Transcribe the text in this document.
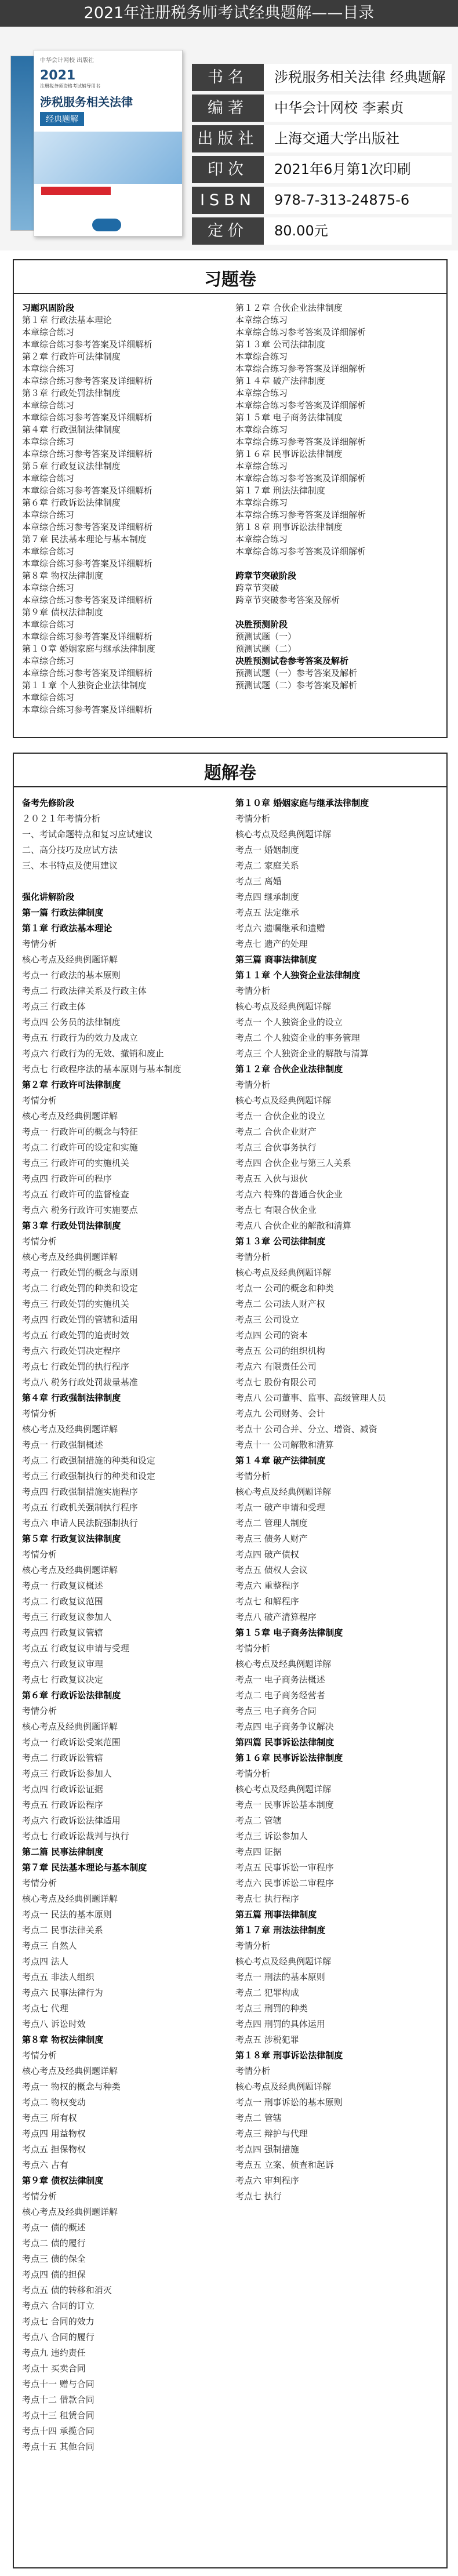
2021年注册税务师考试经典题解——目录
中华会计网校 出版社
2021
注册税务师资格考试辅导用书
涉税服务相关法律
经典题解
书名	涉税服务相关法律 经典题解
编著	中华会计网校 李素贞
出版社	上海交通大学出版社
印次	2021年6月第1次印刷
ISBN	978-7-313-24875-6
定价	80.00元
习题卷
习题巩固阶段
第１章 行政法基本理论
本章综合练习
本章综合练习参考答案及详细解析
第２章 行政许可法律制度
本章综合练习
本章综合练习参考答案及详细解析
第３章 行政处罚法律制度
本章综合练习
本章综合练习参考答案及详细解析
第４章 行政强制法律制度
本章综合练习
本章综合练习参考答案及详细解析
第５章 行政复议法律制度
本章综合练习
本章综合练习参考答案及详细解析
第６章 行政诉讼法律制度
本章综合练习
本章综合练习参考答案及详细解析
第７章 民法基本理论与基本制度
本章综合练习
本章综合练习参考答案及详细解析
第８章 物权法律制度
本章综合练习
本章综合练习参考答案及详细解析
第９章 债权法律制度
本章综合练习
本章综合练习参考答案及详细解析
第１０章 婚姻家庭与继承法律制度
本章综合练习
本章综合练习参考答案及详细解析
第１１章 个人独资企业法律制度
本章综合练习
本章综合练习参考答案及详细解析
第１２章 合伙企业法律制度
本章综合练习
本章综合练习参考答案及详细解析
第１３章 公司法律制度
本章综合练习
本章综合练习参考答案及详细解析
第１４章 破产法律制度
本章综合练习
本章综合练习参考答案及详细解析
第１５章 电子商务法律制度
本章综合练习
本章综合练习参考答案及详细解析
第１６章 民事诉讼法律制度
本章综合练习
本章综合练习参考答案及详细解析
第１７章 刑法法律制度
本章综合练习
本章综合练习参考答案及详细解析
第１８章 刑事诉讼法律制度
本章综合练习
本章综合练习参考答案及详细解析
跨章节突破阶段
跨章节突破
跨章节突破参考答案及解析
决胜预测阶段
预测试题（一）
预测试题（二）
决胜预测试卷参考答案及解析
预测试题（一）参考答案及解析
预测试题（二）参考答案及解析
题解卷
备考先修阶段
２０２１年考情分析
一、考试命题特点和复习应试建议
二、高分技巧及应试方法
三、本书特点及使用建议
强化讲解阶段
第一篇 行政法律制度
第１章 行政法基本理论
考情分析
核心考点及经典例题详解
考点一 行政法的基本原则
考点二 行政法律关系及行政主体
考点三 行政主体
考点四 公务员的法律制度
考点五 行政行为的效力及成立
考点六 行政行为的无效、撤销和废止
考点七 行政程序法的基本原则与基本制度
第２章 行政许可法律制度
考情分析
核心考点及经典例题详解
考点一 行政许可的概念与特征
考点二 行政许可的设定和实施
考点三 行政许可的实施机关
考点四 行政许可的程序
考点五 行政许可的监督检查
考点六 税务行政许可实施要点
第３章 行政处罚法律制度
考情分析
核心考点及经典例题详解
考点一 行政处罚的概念与原则
考点二 行政处罚的种类和设定
考点三 行政处罚的实施机关
考点四 行政处罚的管辖和适用
考点五 行政处罚的追责时效
考点六 行政处罚决定程序
考点七 行政处罚的执行程序
考点八 税务行政处罚裁量基准
第４章 行政强制法律制度
考情分析
核心考点及经典例题详解
考点一 行政强制概述
考点二 行政强制措施的种类和设定
考点三 行政强制执行的种类和设定
考点四 行政强制措施实施程序
考点五 行政机关强制执行程序
考点六 申请人民法院强制执行
第５章 行政复议法律制度
考情分析
核心考点及经典例题详解
考点一 行政复议概述
考点二 行政复议范围
考点三 行政复议参加人
考点四 行政复议管辖
考点五 行政复议申请与受理
考点六 行政复议审理
考点七 行政复议决定
第６章 行政诉讼法律制度
考情分析
核心考点及经典例题详解
考点一 行政诉讼受案范围
考点二 行政诉讼管辖
考点三 行政诉讼参加人
考点四 行政诉讼证据
考点五 行政诉讼程序
考点六 行政诉讼法律适用
考点七 行政诉讼裁判与执行
第二篇 民事法律制度
第７章 民法基本理论与基本制度
考情分析
核心考点及经典例题详解
考点一 民法的基本原则
考点二 民事法律关系
考点三 自然人
考点四 法人
考点五 非法人组织
考点六 民事法律行为
考点七 代理
考点八 诉讼时效
第８章 物权法律制度
考情分析
核心考点及经典例题详解
考点一 物权的概念与种类
考点二 物权变动
考点三 所有权
考点四 用益物权
考点五 担保物权
考点六 占有
第９章 债权法律制度
考情分析
核心考点及经典例题详解
考点一 债的概述
考点二 债的履行
考点三 债的保全
考点四 债的担保
考点五 债的转移和消灭
考点六 合同的订立
考点七 合同的效力
考点八 合同的履行
考点九 违约责任
考点十 买卖合同
考点十一 赠与合同
考点十二 借款合同
考点十三 租赁合同
考点十四 承揽合同
考点十五 其他合同
第１０章 婚姻家庭与继承法律制度
考情分析
核心考点及经典例题详解
考点一 婚姻制度
考点二 家庭关系
考点三 离婚
考点四 继承制度
考点五 法定继承
考点六 遗嘱继承和遗赠
考点七 遗产的处理
第三篇 商事法律制度
第１１章 个人独资企业法律制度
考情分析
核心考点及经典例题详解
考点一 个人独资企业的设立
考点二 个人独资企业的事务管理
考点三 个人独资企业的解散与清算
第１２章 合伙企业法律制度
考情分析
核心考点及经典例题详解
考点一 合伙企业的设立
考点二 合伙企业财产
考点三 合伙事务执行
考点四 合伙企业与第三人关系
考点五 入伙与退伙
考点六 特殊的普通合伙企业
考点七 有限合伙企业
考点八 合伙企业的解散和清算
第１３章 公司法律制度
考情分析
核心考点及经典例题详解
考点一 公司的概念和种类
考点二 公司法人财产权
考点三 公司设立
考点四 公司的资本
考点五 公司的组织机构
考点六 有限责任公司
考点七 股份有限公司
考点八 公司董事、监事、高级管理人员
考点九 公司财务、会计
考点十 公司合并、分立、增资、减资
考点十一 公司解散和清算
第１４章 破产法律制度
考情分析
核心考点及经典例题详解
考点一 破产申请和受理
考点二 管理人制度
考点三 债务人财产
考点四 破产债权
考点五 债权人会议
考点六 重整程序
考点七 和解程序
考点八 破产清算程序
第１５章 电子商务法律制度
考情分析
核心考点及经典例题详解
考点一 电子商务法概述
考点二 电子商务经营者
考点三 电子商务合同
考点四 电子商务争议解决
第四篇 民事诉讼法律制度
第１６章 民事诉讼法律制度
考情分析
核心考点及经典例题详解
考点一 民事诉讼基本制度
考点二 管辖
考点三 诉讼参加人
考点四 证据
考点五 民事诉讼一审程序
考点六 民事诉讼二审程序
考点七 执行程序
第五篇 刑事法律制度
第１７章 刑法法律制度
考情分析
核心考点及经典例题详解
考点一 刑法的基本原则
考点二 犯罪构成
考点三 刑罚的种类
考点四 刑罚的具体运用
考点五 涉税犯罪
第１８章 刑事诉讼法律制度
考情分析
核心考点及经典例题详解
考点一 刑事诉讼的基本原则
考点二 管辖
考点三 辩护与代理
考点四 强制措施
考点五 立案、侦查和起诉
考点六 审判程序
考点七 执行
